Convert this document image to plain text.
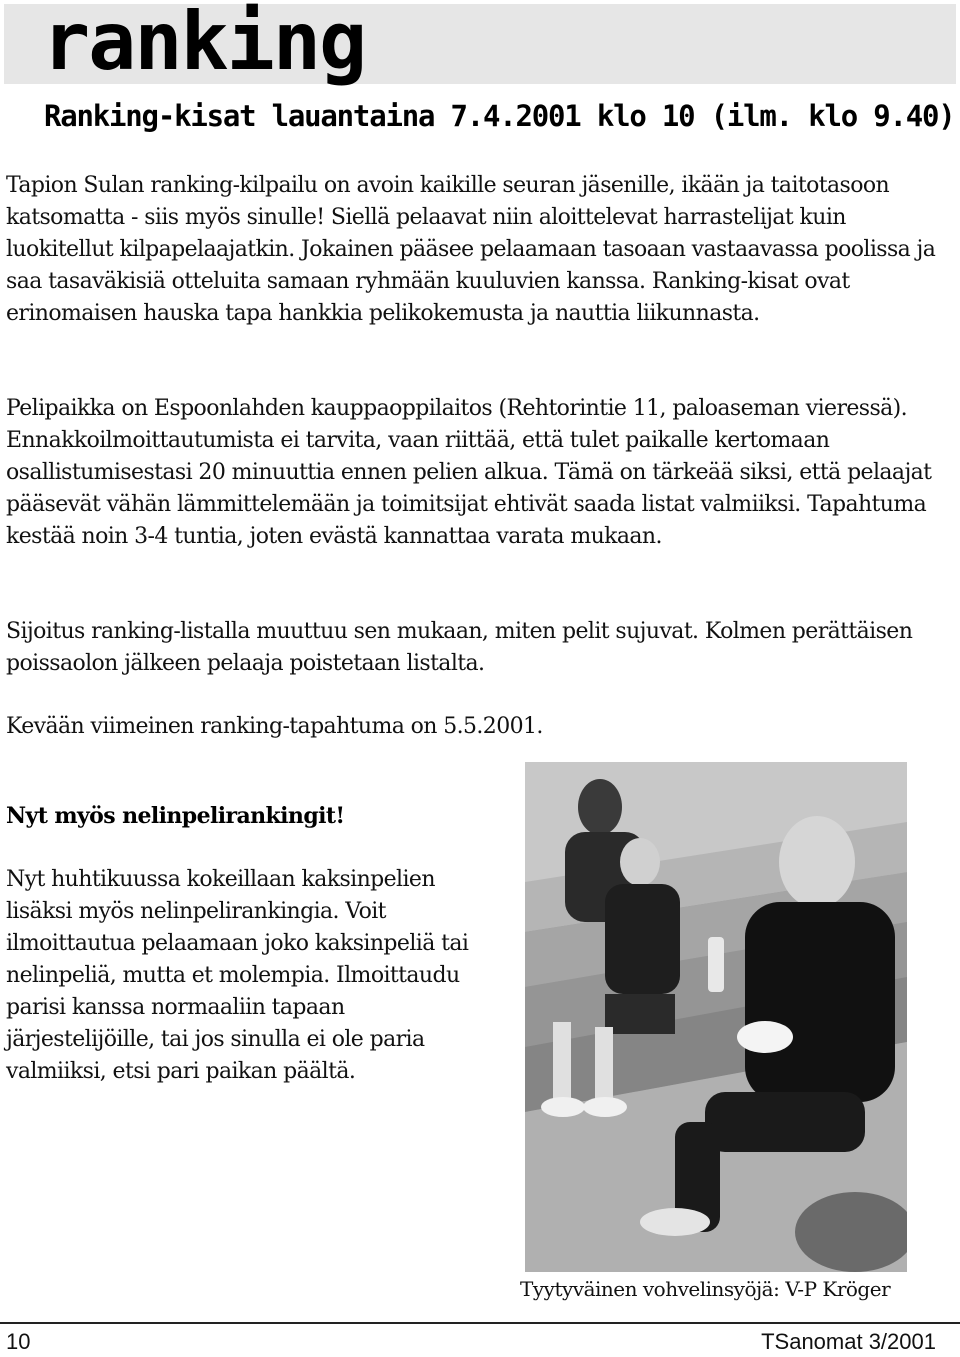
ranking
Ranking-kisat lauantaina 7.4.2001 klo 10 (ilm. klo 9.40)

Tapion Sulan ranking-kilpailu on avoin kaikille seuran jäsenille, ikään ja taitotasoon katsomatta - siis myös sinulle! Siellä pelaavat niin aloittelevat harrastelijat kuin luokitellut kilpapelaajatkin. Jokainen pääsee pelaamaan tasoaan vastaavassa poolissa ja saa tasaväkisiä otteluita samaan ryhmään kuuluvien kanssa. Ranking-kisat ovat erinomaisen hauska tapa hankkia pelikokemusta ja nauttia liikunnasta.

Pelipaikka on Espoonlahden kauppaoppilaitos (Rehtorintie 11, paloaseman vieressä). Ennakkoilmoittautumista ei tarvita, vaan riittää, että tulet paikalle kertomaan osallistumisestasi 20 minuuttia ennen pelien alkua. Tämä on tärkeää siksi, että pelaajat pääsevät vähän lämmittelemään ja toimitsijat ehtivät saada listat valmiiksi. Tapahtuma kestää noin 3-4 tuntia, joten evästä kannattaa varata mukaan.

Sijoitus ranking-listalla muuttuu sen mukaan, miten pelit sujuvat. Kolmen perättäisen poissaolon jälkeen pelaaja poistetaan listalta.

Kevään viimeinen ranking-tapahtuma on 5.5.2001.

Nyt myös nelinpelirankingit!

Nyt huhtikuussa kokeillaan kaksinpelien lisäksi myös nelinpelirankingia. Voit ilmoittautua pelaamaan joko kaksinpeliä tai nelinpeliä, mutta et molempia. Ilmoittaudu parisi kanssa normaaliin tapaan järjestelijöille, tai jos sinulla ei ole paria valmiiksi, etsi pari paikan päältä.

Tyytyväinen vohvelinsyöjä: V-P Kröger
10	TSanomat 3/2001
